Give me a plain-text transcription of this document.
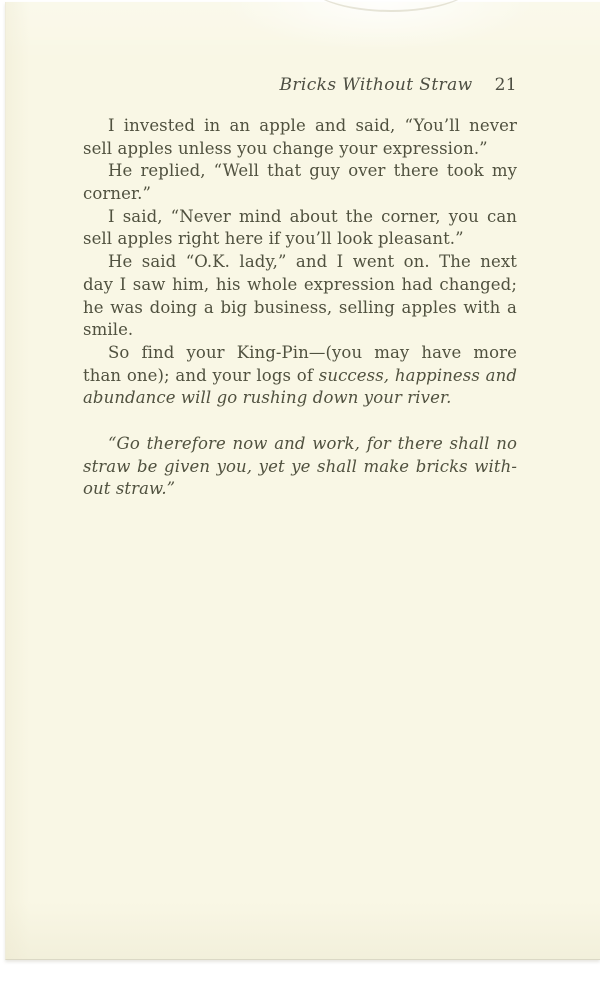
Bricks Without Straw 21
I invested in an apple and said, “You’ll never
sell apples unless you change your expression.”
He replied, “Well that guy over there took my
corner.”
I said, “Never mind about the corner, you can
sell apples right here if you’ll look pleasant.”
He said “O.K. lady,” and I went on. The next
day I saw him, his whole expression had changed;
he was doing a big business, selling apples with a
smile.
So find your King-Pin—(you may have more
than one); and your logs of success, happiness and
abundance will go rushing down your river.
“Go therefore now and work, for there shall no
straw be given you, yet ye shall make bricks with-
out straw.”
